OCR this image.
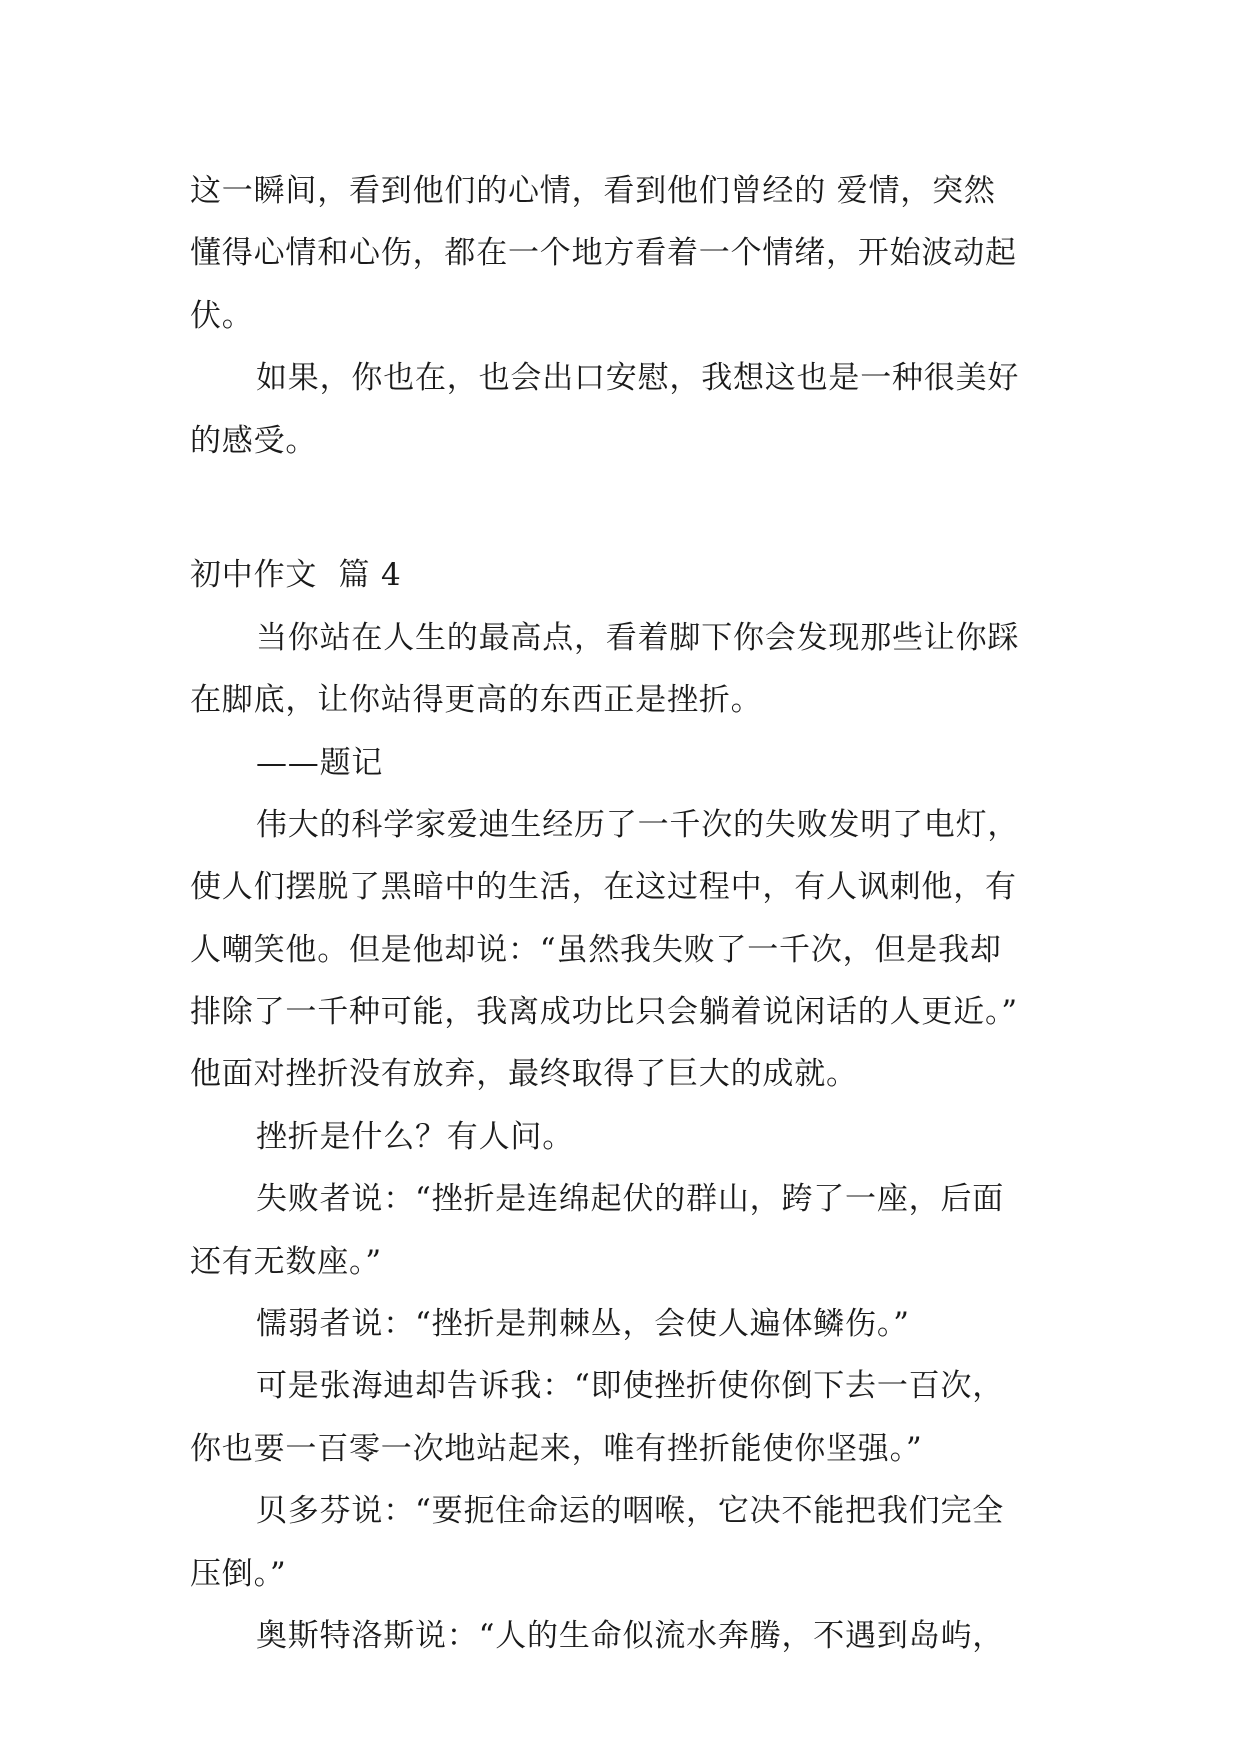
这一瞬间，看到他们的心情，看到他们曾经的 爱情，突然
懂得心情和心伤，都在一个地方看着一个情绪，开始波动起
伏。
如果，你也在，也会出口安慰，我想这也是一种很美好
的感受。
初中作文  篇 4
当你站在人生的最高点，看着脚下你会发现那些让你踩
在脚底，让你站得更高的东西正是挫折。
——题记
伟大的科学家爱迪生经历了一千次的失败发明了电灯，
使人们摆脱了黑暗中的生活，在这过程中，有人讽刺他，有
人嘲笑他。但是他却说：“虽然我失败了一千次，但是我却
排除了一千种可能，我离成功比只会躺着说闲话的人更近。”
他面对挫折没有放弃，最终取得了巨大的成就。
挫折是什么？有人问。
失败者说：“挫折是连绵起伏的群山，跨了一座，后面
还有无数座。”
懦弱者说：“挫折是荆棘丛，会使人遍体鳞伤。”
可是张海迪却告诉我：“即使挫折使你倒下去一百次，
你也要一百零一次地站起来，唯有挫折能使你坚强。”
贝多芬说：“要扼住命运的咽喉，它决不能把我们完全
压倒。”
奥斯特洛斯说：“人的生命似流水奔腾，不遇到岛屿，
